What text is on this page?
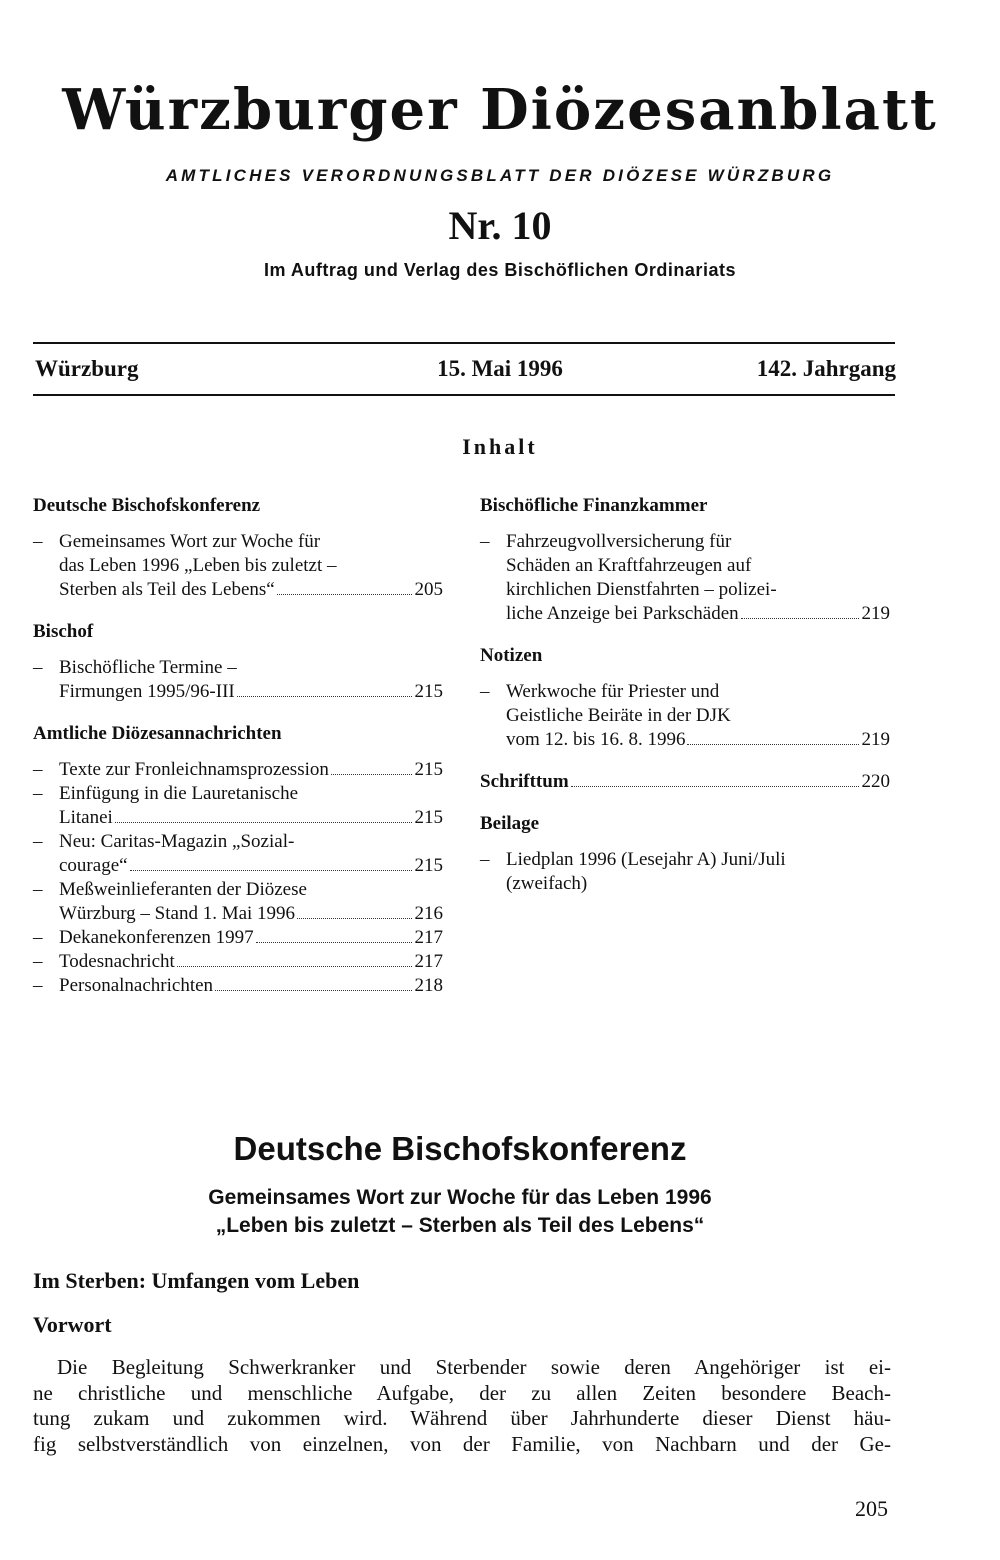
Würzburger Diözesanblatt
AMTLICHES VERORDNUNGSBLATT DER DIÖZESE WÜRZBURG
Nr. 10
Im Auftrag und Verlag des Bischöflichen Ordinariats
Würzburg	15. Mai 1996	142. Jahrgang
Inhalt
Deutsche Bischofskonferenz
– Gemeinsames Wort zur Woche für
das Leben 1996 „Leben bis zuletzt –
Sterben als Teil des Lebens“	205
Bischof
– Bischöfliche Termine –
Firmungen 1995/96-III	215
Amtliche Diözesannachrichten
– Texte zur Fronleichnamsprozession	215
– Einfügung in die Lauretanische
Litanei	215
– Neu: Caritas-Magazin „Sozial-
courage“	215
– Meßweinlieferanten der Diözese
Würzburg – Stand 1. Mai 1996	216
– Dekanekonferenzen 1997	217
– Todesnachricht	217
– Personalnachrichten	218
Bischöfliche Finanzkammer
– Fahrzeugvollversicherung für
Schäden an Kraftfahrzeugen auf
kirchlichen Dienstfahrten – polizei-
liche Anzeige bei Parkschäden	219
Notizen
– Werkwoche für Priester und
Geistliche Beiräte in der DJK
vom 12. bis 16. 8. 1996	219
Schrifttum	220
Beilage
– Liedplan 1996 (Lesejahr A) Juni/Juli
(zweifach)
Deutsche Bischofskonferenz
Gemeinsames Wort zur Woche für das Leben 1996
„Leben bis zuletzt – Sterben als Teil des Lebens“
Im Sterben: Umfangen vom Leben
Vorwort
Die Begleitung Schwerkranker und Sterbender sowie deren Angehöriger ist ei-
ne christliche und menschliche Aufgabe, der zu allen Zeiten besondere Beach-
tung zukam und zukommen wird. Während über Jahrhunderte dieser Dienst häu-
fig selbstverständlich von einzelnen, von der Familie, von Nachbarn und der Ge-
205
